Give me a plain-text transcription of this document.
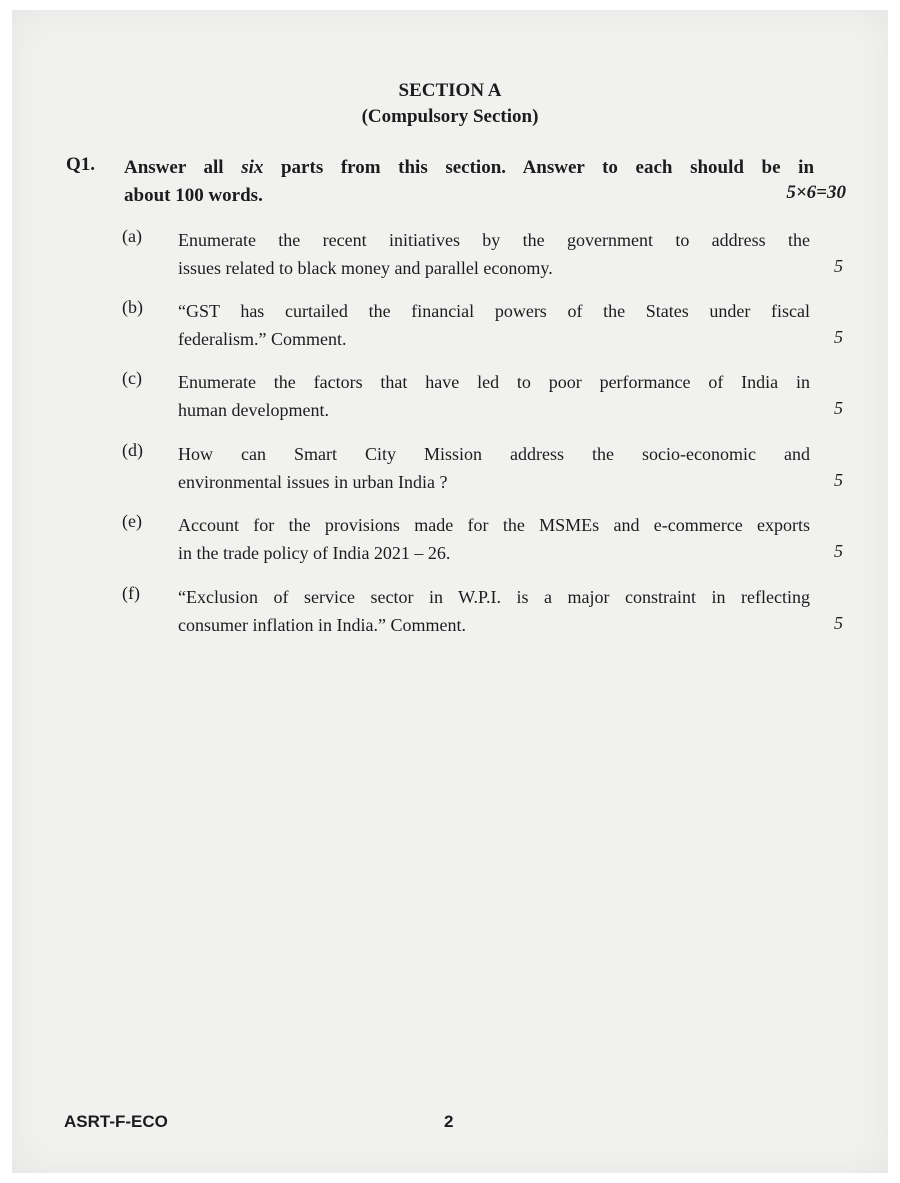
SECTION A
(Compulsory Section)
Q1. Answer all six parts from this section. Answer to each should be in
about 100 words.	5×6=30
(a) Enumerate the recent initiatives by the government to address the
issues related to black money and parallel economy.	5
(b) “GST has curtailed the financial powers of the States under fiscal
federalism.” Comment.	5
(c) Enumerate the factors that have led to poor performance of India in
human development.	5
(d) How can Smart City Mission address the socio-economic and
environmental issues in urban India ?	5
(e) Account for the provisions made for the MSMEs and e-commerce exports
in the trade policy of India 2021 – 26.	5
(f) “Exclusion of service sector in W.P.I. is a major constraint in reflecting
consumer inflation in India.” Comment.	5
ASRT-F-ECO	2
